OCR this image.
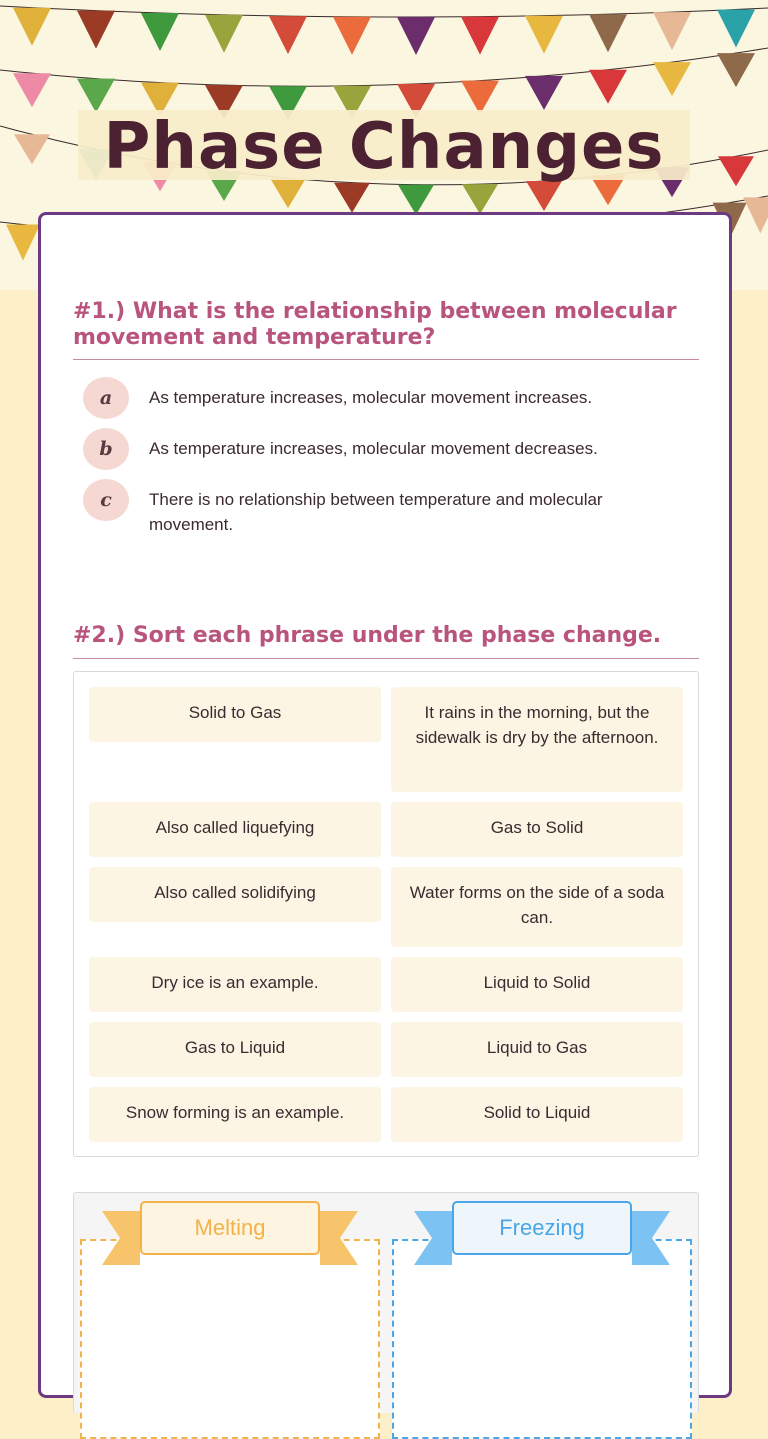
Phase Changes
#1.) What is the relationship between molecular movement and temperature?
a	As temperature increases, molecular movement increases.
b	As temperature increases, molecular movement decreases.
c	There is no relationship between temperature and molecular movement.
#2.) Sort each phrase under the phase change.
Solid to Gas	It rains in the morning, but the sidewalk is dry by the afternoon.
Also called liquefying	Gas to Solid
Also called solidifying	Water forms on the side of a soda can.
Dry ice is an example.	Liquid to Solid
Gas to Liquid	Liquid to Gas
Snow forming is an example.	Solid to Liquid
Melting	Freezing
